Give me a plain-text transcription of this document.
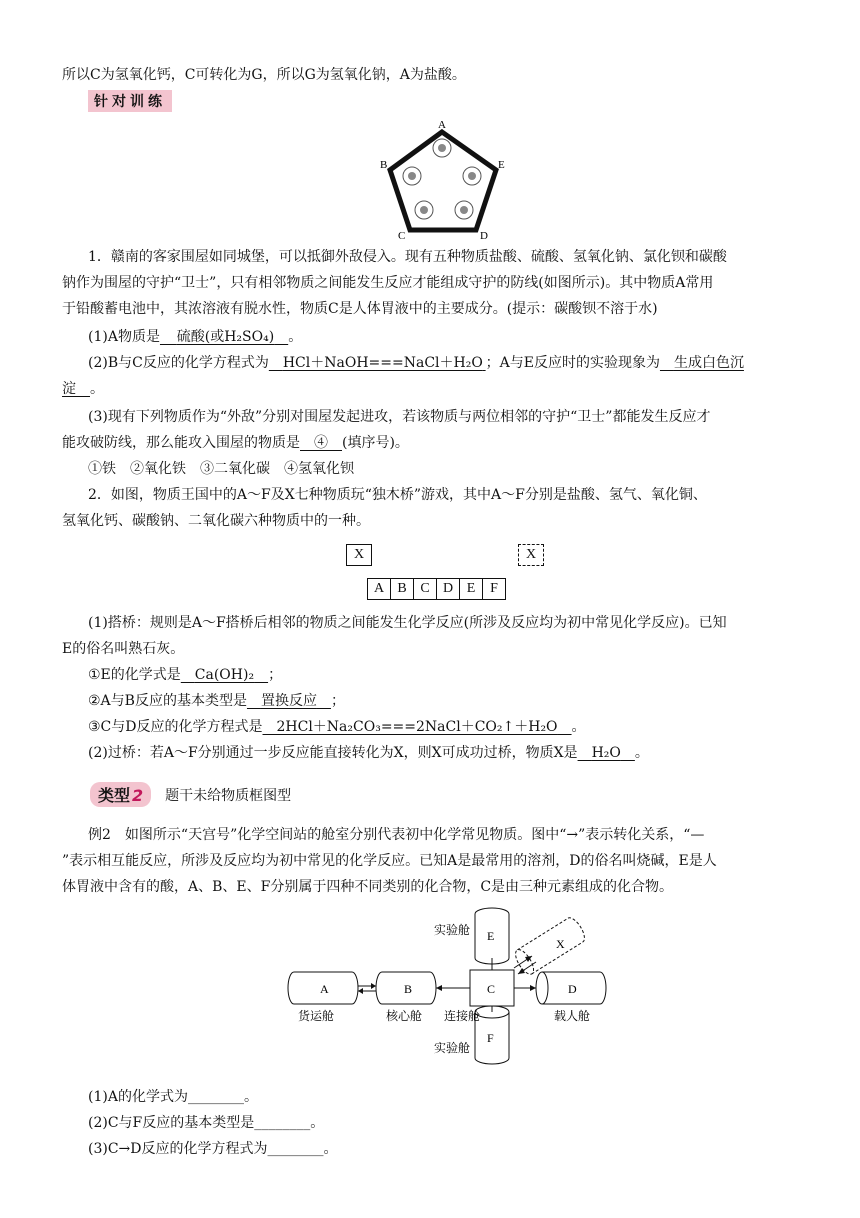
所以C为氢氧化钙，C可转化为G，所以G为氢氧化钠，A为盐酸。
针对训练
A
B
C	D
E
1．赣南的客家围屋如同城堡，可以抵御外敌侵入。现有五种物质盐酸、硫酸、氢氧化钠、氯化钡和碳酸
钠作为围屋的守护“卫士”，只有相邻物质之间能发生反应才能组成守护的防线(如图所示)。其中物质A常用
于铅酸蓄电池中，其浓溶液有脱水性，物质C是人体胃液中的主要成分。(提示：碳酸钡不溶于水)
(1)A物质是　  硫酸(或H₂SO₄)　 。
(2)B与C反应的化学方程式为　 HCl＋NaOH===NaCl＋H₂O  ；A与E反应时的实验现象为　 生成白色沉
淀　 。
(3)现有下列物质作为“外敌”分别对围屋发起进攻，若该物质与两位相邻的守护“卫士”都能发生反应才
能攻破防线，那么能攻入围屋的物质是　 ④　 (填序号)。
①铁　②氧化铁　③二氧化碳　④氢氧化钡
2．如图，物质王国中的A～F及X七种物质玩“独木桥”游戏，其中A～F分别是盐酸、氢气、氧化铜、
氢氧化钙、碳酸钠、二氧化碳六种物质中的一种。
X	X
A B C D E	F
(1)搭桥：规则是A～F搭桥后相邻的物质之间能发生化学反应(所涉及反应均为初中常见化学反应)。已知
E的俗名叫熟石灰。
①E的化学式是　 Ca(OH)₂　 ；
②A与B反应的基本类型是　 置换反应　 ；
③C与D反应的化学方程式是　 2HCl＋Na₂CO₃===2NaCl＋CO₂↑＋H₂O　 。
(2)过桥：若A～F分别通过一步反应能直接转化为X，则X可成功过桥，物质X是　 H₂O　 。
类型 2	题干未给物质框图型
例2　如图所示“天宫号”化学空间站的舱室分别代表初中化学常见物质。图中“→”表示转化关系，“—
”表示相互能反应，所涉及反应均为初中常见的化学反应。已知A是最常用的溶剂，D的俗名叫烧碱，E是人
体胃液中含有的酸，A、B、E、F分别属于四种不同类别的化合物，C是由三种元素组成的化合物。
E
F
A	B	C	D
X
实验舱
实验舱
货运舱	核心舱 连接舱	载人舱
(1)A的化学式为________。
(2)C与F反应的基本类型是________。
(3)C→D反应的化学方程式为________。
